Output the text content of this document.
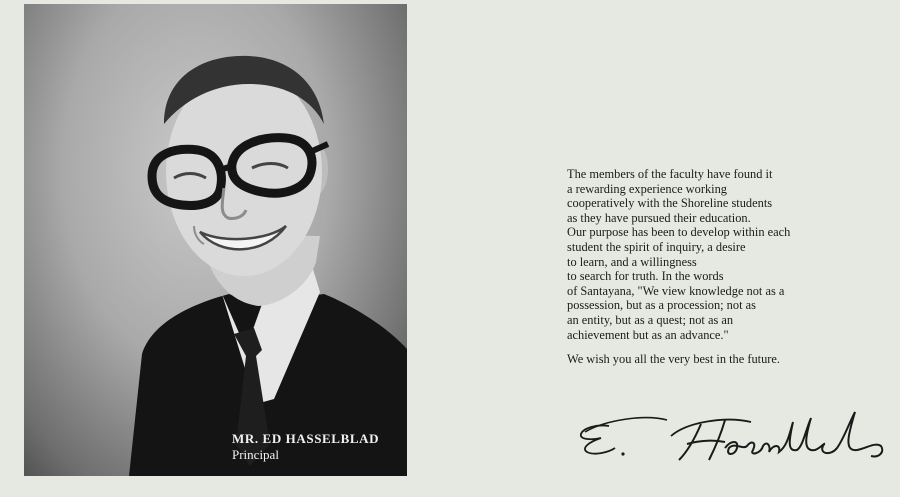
MR. ED HASSELBLAD
Principal
The members of the faculty have found it
a rewarding experience working
cooperatively with the Shoreline students
as they have pursued their education.
Our purpose has been to develop within each
student the spirit of inquiry, a desire
to learn, and a willingness
to search for truth. In the words
of Santayana, "We view knowledge not as a
possession, but as a procession; not as
an entity, but as a quest; not as an
achievement but as an advance."
We wish you all the very best in the future.
